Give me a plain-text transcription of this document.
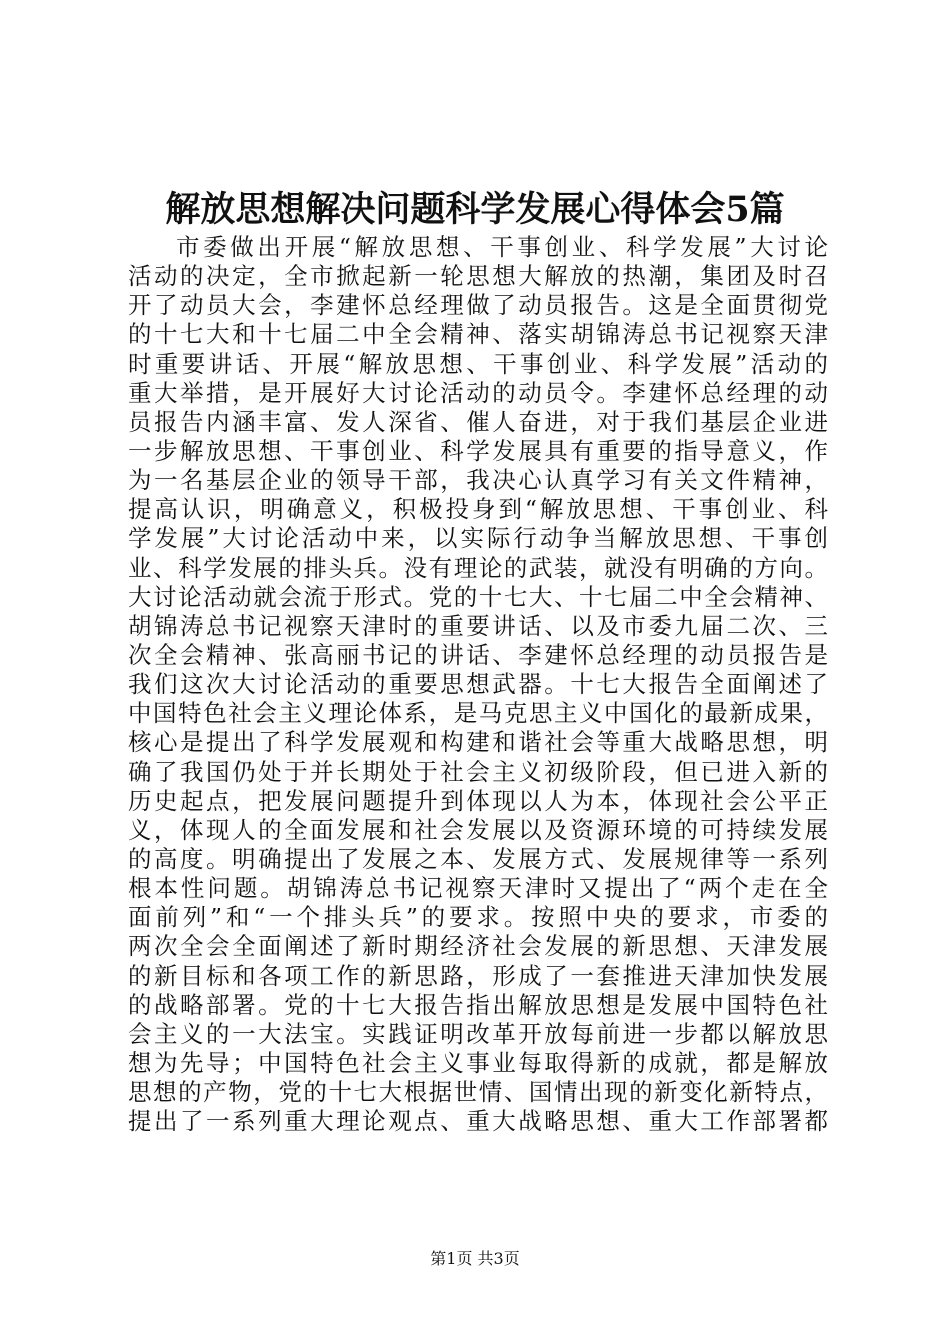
解放思想解决问题科学发展心得体会5篇
市委做出开展“解放思想、干事创业、科学发展”大讨论
活动的决定，全市掀起新一轮思想大解放的热潮，集团及时召
开了动员大会，李建怀总经理做了动员报告。这是全面贯彻党
的十七大和十七届二中全会精神、落实胡锦涛总书记视察天津
时重要讲话、开展“解放思想、干事创业、科学发展”活动的
重大举措，是开展好大讨论活动的动员令。李建怀总经理的动
员报告内涵丰富、发人深省、催人奋进，对于我们基层企业进
一步解放思想、干事创业、科学发展具有重要的指导意义，作
为一名基层企业的领导干部，我决心认真学习有关文件精神，
提高认识，明确意义，积极投身到“解放思想、干事创业、科
学发展”大讨论活动中来，以实际行动争当解放思想、干事创
业、科学发展的排头兵。没有理论的武装，就没有明确的方向。
大讨论活动就会流于形式。党的十七大、十七届二中全会精神、
胡锦涛总书记视察天津时的重要讲话、以及市委九届二次、三
次全会精神、张高丽书记的讲话、李建怀总经理的动员报告是
我们这次大讨论活动的重要思想武器。十七大报告全面阐述了
中国特色社会主义理论体系，是马克思主义中国化的最新成果，
核心是提出了科学发展观和构建和谐社会等重大战略思想，明
确了我国仍处于并长期处于社会主义初级阶段，但已进入新的
历史起点，把发展问题提升到体现以人为本，体现社会公平正
义，体现人的全面发展和社会发展以及资源环境的可持续发展
的高度。明确提出了发展之本、发展方式、发展规律等一系列
根本性问题。胡锦涛总书记视察天津时又提出了“两个走在全
面前列”和“一个排头兵”的要求。按照中央的要求，市委的
两次全会全面阐述了新时期经济社会发展的新思想、天津发展
的新目标和各项工作的新思路，形成了一套推进天津加快发展
的战略部署。党的十七大报告指出解放思想是发展中国特色社
会主义的一大法宝。实践证明改革开放每前进一步都以解放思
想为先导；中国特色社会主义事业每取得新的成就，都是解放
思想的产物，党的十七大根据世情、国情出现的新变化新特点，
提出了一系列重大理论观点、重大战略思想、重大工作部署都
第1页 共3页
